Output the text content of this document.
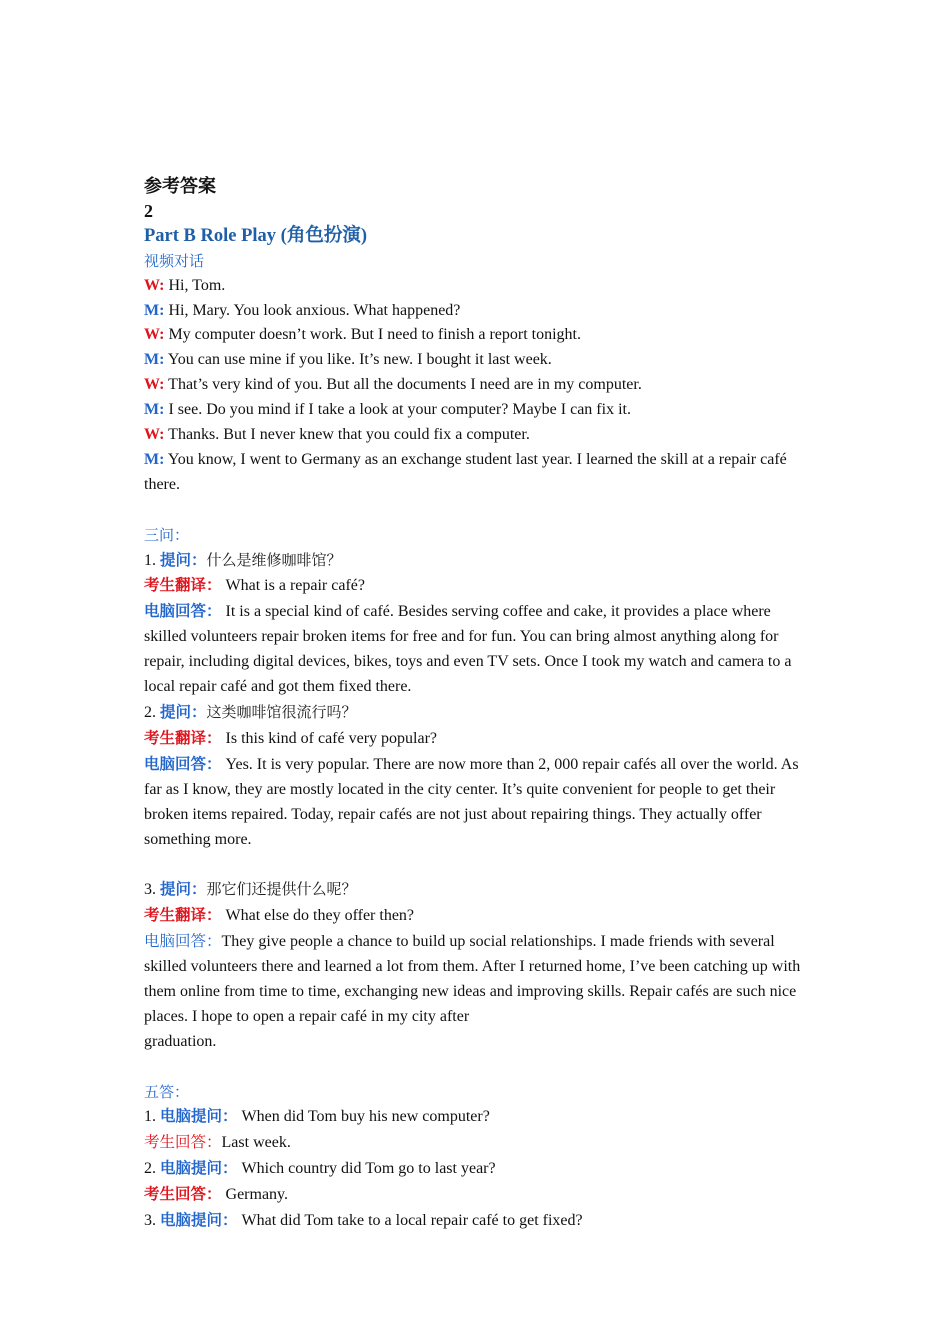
参考答案
2
Part B Role Play (角色扮演)
视频对话
W: Hi, Tom.
M: Hi, Mary. You look anxious. What happened?
W: My computer doesn’t work. But I need to finish a report tonight.
M: You can use mine if you like. It’s new. I bought it last week.
W: That’s very kind of you. But all the documents I need are in my computer.
M: I see. Do you mind if I take a look at your computer? Maybe I can fix it.
W: Thanks. But I never knew that you could fix a computer.
M: You know, I went to Germany as an exchange student last year. I learned the skill at a repair café there.
三问：
1. 提问：什么是维修咖啡馆？
考生翻译： What is a repair café?
电脑回答： It is a special kind of café. Besides serving coffee and cake, it provides a place where skilled volunteers repair broken items for free and for fun. You can bring almost anything along for repair, including digital devices, bikes, toys and even TV sets. Once I took my watch and camera to a local repair café and got them fixed there.
2. 提问：这类咖啡馆很流行吗？
考生翻译： Is this kind of café very popular?
电脑回答： Yes. It is very popular. There are now more than 2, 000 repair cafés all over the world. As far as I know, they are mostly located in the city center. It’s quite convenient for people to get their broken items repaired. Today, repair cafés are not just about repairing things. They actually offer something more.
3. 提问：那它们还提供什么呢？
考生翻译： What else do they offer then?
电脑回答：They give people a chance to build up social relationships. I made friends with several skilled volunteers there and learned a lot from them. After I returned home, I’ve been catching up with them online from time to time, exchanging new ideas and improving skills. Repair cafés are such nice places. I hope to open a repair café in my city after
graduation.
五答：
1. 电脑提问： When did Tom buy his new computer?
考生回答：Last week.
2. 电脑提问： Which country did Tom go to last year?
考生回答： Germany.
3. 电脑提问： What did Tom take to a local repair café to get fixed?
